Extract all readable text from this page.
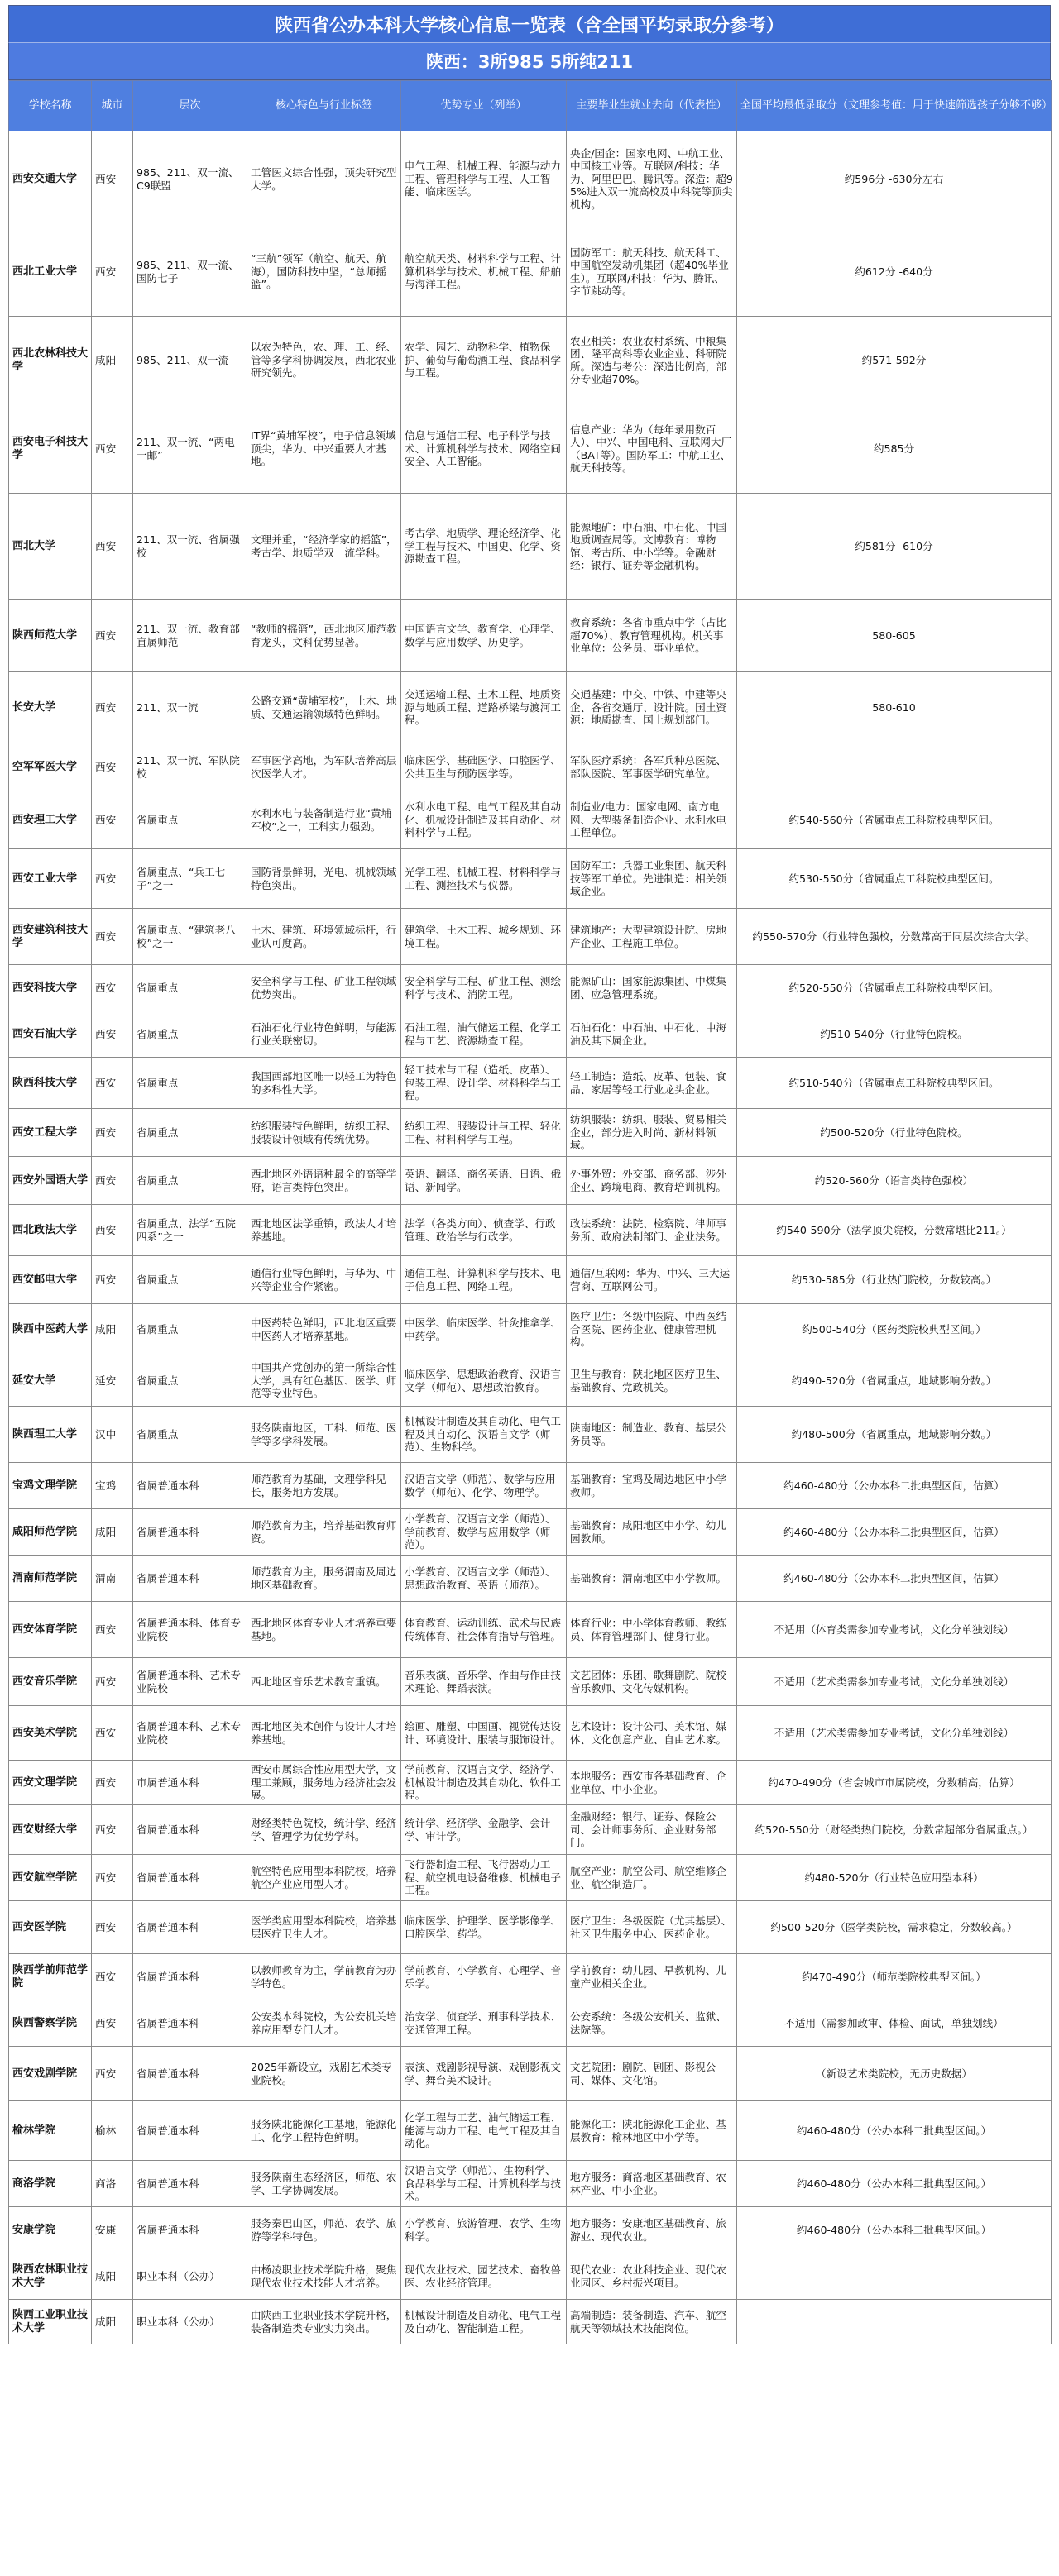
陕西省公办本科大学核心信息一览表（含全国平均录取分参考）
陕西：3所985 5所纯211
学校名称	城市	层次	核心特色与行业标签	优势专业（列举）	主要毕业生就业去向（代表性）	全国平均最低录取分（文理参考值：用于快速筛选孩子分够不够）
西安交通大学	西安	985、211、双一流、C9联盟	工管医文综合性强，顶尖研究型大学。	电气工程、机械工程、能源与动力工程、管理科学与工程、人工智能、临床医学。	央企/国企：国家电网、中航工业、中国核工业等。互联网/科技：华为、阿里巴巴、腾讯等。深造：超95%进入双一流高校及中科院等顶尖机构。	约596分 -630分左右
西北工业大学	西安	985、211、双一流、国防七子	“三航”领军（航空、航天、航海），国防科技中坚，“总师摇篮”。	航空航天类、材料科学与工程、计算机科学与技术、机械工程、船舶与海洋工程。	国防军工：航天科技、航天科工、中国航空发动机集团（超40%毕业生）。互联网/科技：华为、腾讯、字节跳动等。	约612分 -640分
西北农林科技大学	咸阳	985、211、双一流	以农为特色，农、理、工、经、管等多学科协调发展，西北农业研究领先。	农学、园艺、动物科学、植物保护、葡萄与葡萄酒工程、食品科学与工程。	农业相关：农业农村系统、中粮集团、隆平高科等农业企业、科研院所。深造与考公：深造比例高，部分专业超70%。	约571-592分
西安电子科技大学	西安	211、双一流、“两电一邮”	IT界“黄埔军校”，电子信息领域顶尖，华为、中兴重要人才基地。	信息与通信工程、电子科学与技术、计算机科学与技术、网络空间安全、人工智能。	信息产业：华为（每年录用数百人）、中兴、中国电科、互联网大厂（BAT等）。国防军工：中航工业、航天科技等。	约585分
西北大学	西安	211、双一流、省属强校	文理并重，“经济学家的摇篮”，考古学、地质学双一流学科。	考古学、地质学、理论经济学、化学工程与技术、中国史、化学、资源勘查工程。	能源地矿：中石油、中石化、中国地质调查局等。文博教育：博物馆、考古所、中小学等。金融财经：银行、证券等金融机构。	约581分 -610分
陕西师范大学	西安	211、双一流、教育部直属师范	“教师的摇篮”，西北地区师范教育龙头，文科优势显著。	中国语言文学、教育学、心理学、数学与应用数学、历史学。	教育系统：各省市重点中学（占比超70%）、教育管理机构。机关事业单位：公务员、事业单位。	580-605
长安大学	西安	211、双一流	公路交通“黄埔军校”，土木、地质、交通运输领域特色鲜明。	交通运输工程、土木工程、地质资源与地质工程、道路桥梁与渡河工程。	交通基建：中交、中铁、中建等央企、各省交通厅、设计院。国土资源：地质勘查、国土规划部门。	580-610
空军军医大学	西安	211、双一流、军队院校	军事医学高地，为军队培养高层次医学人才。	临床医学、基础医学、口腔医学、公共卫生与预防医学等。	军队医疗系统：各军兵种总医院、部队医院、军事医学研究单位。	
西安理工大学	西安	省属重点	水利水电与装备制造行业“黄埔军校”之一，工科实力强劲。	水利水电工程、电气工程及其自动化、机械设计制造及其自动化、材料科学与工程。	制造业/电力：国家电网、南方电网、大型装备制造企业、水利水电工程单位。	约540-560分（省属重点工科院校典型区间。
西安工业大学	西安	省属重点、“兵工七子”之一	国防背景鲜明，光电、机械领域特色突出。	光学工程、机械工程、材料科学与工程、测控技术与仪器。	国防军工：兵器工业集团、航天科技等军工单位。先进制造：相关领域企业。	约530-550分（省属重点工科院校典型区间。
西安建筑科技大学	西安	省属重点、“建筑老八校”之一	土木、建筑、环境领域标杆，行业认可度高。	建筑学、土木工程、城乡规划、环境工程。	建筑地产：大型建筑设计院、房地产企业、工程施工单位。	约550-570分（行业特色强校，分数常高于同层次综合大学。
西安科技大学	西安	省属重点	安全科学与工程、矿业工程领域优势突出。	安全科学与工程、矿业工程、测绘科学与技术、消防工程。	能源矿山：国家能源集团、中煤集团、应急管理系统。	约520-550分（省属重点工科院校典型区间。
西安石油大学	西安	省属重点	石油石化行业特色鲜明，与能源行业关联密切。	石油工程、油气储运工程、化学工程与工艺、资源勘查工程。	石油石化：中石油、中石化、中海油及其下属企业。	约510-540分（行业特色院校。
陕西科技大学	西安	省属重点	我国西部地区唯一以轻工为特色的多科性大学。	轻工技术与工程（造纸、皮革）、包装工程、设计学、材料科学与工程。	轻工制造：造纸、皮革、包装、食品、家居等轻工行业龙头企业。	约510-540分（省属重点工科院校典型区间。
西安工程大学	西安	省属重点	纺织服装特色鲜明，纺织工程、服装设计领域有传统优势。	纺织工程、服装设计与工程、轻化工程、材料科学与工程。	纺织服装：纺织、服装、贸易相关企业，部分进入时尚、新材料领域。	约500-520分（行业特色院校。
西安外国语大学	西安	省属重点	西北地区外语语种最全的高等学府，语言类特色突出。	英语、翻译、商务英语、日语、俄语、新闻学。	外事外贸：外交部、商务部、涉外企业、跨境电商、教育培训机构。	约520-560分（语言类特色强校）
西北政法大学	西安	省属重点、法学“五院四系”之一	西北地区法学重镇，政法人才培养基地。	法学（各类方向）、侦查学、行政管理、政治学与行政学。	政法系统：法院、检察院、律师事务所、政府法制部门、企业法务。	约540-590分（法学顶尖院校，分数常堪比211。）
西安邮电大学	西安	省属重点	通信行业特色鲜明，与华为、中兴等企业合作紧密。	通信工程、计算机科学与技术、电子信息工程、网络工程。	通信/互联网：华为、中兴、三大运营商、互联网公司。	约530-585分（行业热门院校，分数较高。）
陕西中医药大学	咸阳	省属重点	中医药特色鲜明，西北地区重要中医药人才培养基地。	中医学、临床医学、针灸推拿学、中药学。	医疗卫生：各级中医院、中西医结合医院、医药企业、健康管理机构。	约500-540分（医药类院校典型区间。）
延安大学	延安	省属重点	中国共产党创办的第一所综合性大学，具有红色基因、医学、师范等专业特色。	临床医学、思想政治教育、汉语言文学（师范）、思想政治教育。	卫生与教育：陕北地区医疗卫生、基础教育、党政机关。	约490-520分（省属重点，地域影响分数。）
陕西理工大学	汉中	省属重点	服务陕南地区，工科、师范、医学等多学科发展。	机械设计制造及其自动化、电气工程及其自动化、汉语言文学（师范）、生物科学。	陕南地区：制造业、教育、基层公务员等。	约480-500分（省属重点，地域影响分数。）
宝鸡文理学院	宝鸡	省属普通本科	师范教育为基础，文理学科见长，服务地方发展。	汉语言文学（师范）、数学与应用数学（师范）、化学、物理学。	基础教育：宝鸡及周边地区中小学教师。	约460-480分（公办本科二批典型区间，估算）
咸阳师范学院	咸阳	省属普通本科	师范教育为主，培养基础教育师资。	小学教育、汉语言文学（师范）、学前教育、数学与应用数学（师范）。	基础教育：咸阳地区中小学、幼儿园教师。	约460-480分（公办本科二批典型区间，估算）
渭南师范学院	渭南	省属普通本科	师范教育为主，服务渭南及周边地区基础教育。	小学教育、汉语言文学（师范）、思想政治教育、英语（师范）。	基础教育：渭南地区中小学教师。	约460-480分（公办本科二批典型区间，估算）
西安体育学院	西安	省属普通本科、体育专业院校	西北地区体育专业人才培养重要基地。	体育教育、运动训练、武术与民族传统体育、社会体育指导与管理。	体育行业：中小学体育教师、教练员、体育管理部门、健身行业。	不适用（体育类需参加专业考试，文化分单独划线）
西安音乐学院	西安	省属普通本科、艺术专业院校	西北地区音乐艺术教育重镇。	音乐表演、音乐学、作曲与作曲技术理论、舞蹈表演。	文艺团体：乐团、歌舞剧院、院校音乐教师、文化传媒机构。	不适用（艺术类需参加专业考试，文化分单独划线）
西安美术学院	西安	省属普通本科、艺术专业院校	西北地区美术创作与设计人才培养基地。	绘画、雕塑、中国画、视觉传达设计、环境设计、服装与服饰设计。	艺术设计：设计公司、美术馆、媒体、文化创意产业、自由艺术家。	不适用（艺术类需参加专业考试，文化分单独划线）
西安文理学院	西安	市属普通本科	西安市属综合性应用型大学，文理工兼顾，服务地方经济社会发展。	学前教育、汉语言文学、经济学、机械设计制造及其自动化、软件工程。	本地服务：西安市各基础教育、企业单位、中小企业。	约470-490分（省会城市市属院校，分数稍高，估算）
西安财经大学	西安	省属普通本科	财经类特色院校，统计学、经济学、管理学为优势学科。	统计学、经济学、金融学、会计学、审计学。	金融财经：银行、证券、保险公司、会计师事务所、企业财务部门。	约520-550分（财经类热门院校，分数常超部分省属重点。）
西安航空学院	西安	省属普通本科	航空特色应用型本科院校，培养航空产业应用型人才。	飞行器制造工程、飞行器动力工程、航空机电设备维修、机械电子工程。	航空产业：航空公司、航空维修企业、航空制造厂。	约480-520分（行业特色应用型本科）
西安医学院	西安	省属普通本科	医学类应用型本科院校，培养基层医疗卫生人才。	临床医学、护理学、医学影像学、口腔医学、药学。	医疗卫生：各级医院（尤其基层）、社区卫生服务中心、医药企业。	约500-520分（医学类院校，需求稳定，分数较高。）
陕西学前师范学院	西安	省属普通本科	以教师教育为主，学前教育为办学特色。	学前教育、小学教育、心理学、音乐学。	学前教育：幼儿园、早教机构、儿童产业相关企业。	约470-490分（师范类院校典型区间。）
陕西警察学院	西安	省属普通本科	公安类本科院校，为公安机关培养应用型专门人才。	治安学、侦查学、刑事科学技术、交通管理工程。	公安系统：各级公安机关、监狱、法院等。	不适用（需参加政审、体检、面试，单独划线）
西安戏剧学院	西安	省属普通本科	2025年新设立，戏剧艺术类专业院校。	表演、戏剧影视导演、戏剧影视文学、舞台美术设计。	文艺院团：剧院、剧团、影视公司、媒体、文化馆。	（新设艺术类院校，无历史数据）
榆林学院	榆林	省属普通本科	服务陕北能源化工基地，能源化工、化学工程特色鲜明。	化学工程与工艺、油气储运工程、能源与动力工程、电气工程及其自动化。	能源化工：陕北能源化工企业、基层教育：榆林地区中小学等。	约460-480分（公办本科二批典型区间。）
商洛学院	商洛	省属普通本科	服务陕南生态经济区，师范、农学、工学协调发展。	汉语言文学（师范）、生物科学、食品科学与工程、计算机科学与技术。	地方服务：商洛地区基础教育、农林产业、中小企业。	约460-480分（公办本科二批典型区间。）
安康学院	安康	省属普通本科	服务秦巴山区，师范、农学、旅游等学科特色。	小学教育、旅游管理、农学、生物科学。	地方服务：安康地区基础教育、旅游业、现代农业。	约460-480分（公办本科二批典型区间。）
陕西农林职业技术大学	咸阳	职业本科（公办）	由杨凌职业技术学院升格，聚焦现代农业技术技能人才培养。	现代农业技术、园艺技术、畜牧兽医、农业经济管理。	现代农业：农业科技企业、现代农业园区、乡村振兴项目。	
陕西工业职业技术大学	咸阳	职业本科（公办）	由陕西工业职业技术学院升格，装备制造类专业实力突出。	机械设计制造及自动化、电气工程及自动化、智能制造工程。	高端制造：装备制造、汽车、航空航天等领域技术技能岗位。	
